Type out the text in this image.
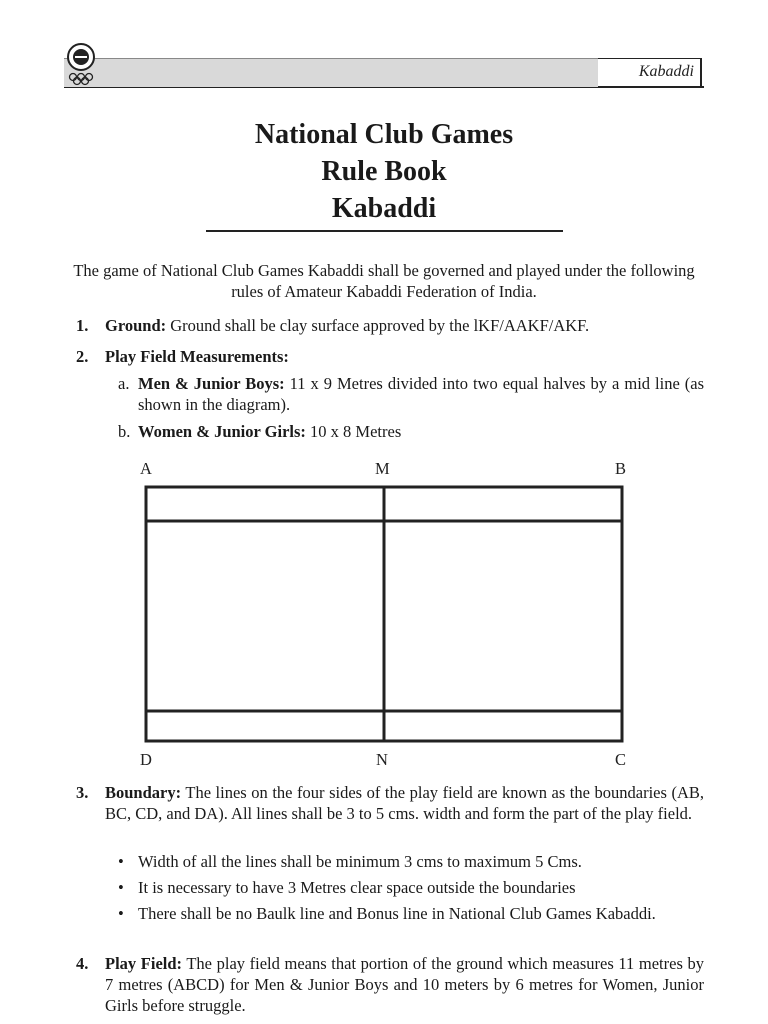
Kabaddi
National Club Games
Rule Book
Kabaddi
The game of National Club Games Kabaddi shall be governed and played under the following rules of Amateur Kabaddi Federation of India.
1. Ground: Ground shall be clay surface approved by the lKF/AAKF/AKF.
2. Play Field Measurements:
a. Men & Junior Boys: 11 x 9 Metres divided into two equal halves by a mid line (as shown in the diagram).
b. Women & Junior Girls: 10 x 8 Metres
A	M	B
D	N	C
3. Boundary: The lines on the four sides of the play field are known as the boundaries (AB, BC, CD, and DA). All lines shall be 3 to 5 cms. width and form the part of the play field.
• Width of all the lines shall be minimum 3 cms to maximum 5 Cms.
• It is necessary to have 3 Metres clear space outside the boundaries
• There shall be no Baulk line and Bonus line in National Club Games Kabaddi.
4. Play Field: The play field means that portion of the ground which measures 11 metres by 7 metres (ABCD) for Men & Junior Boys and 10 meters by 6 metres for Women, Junior Girls before struggle.
